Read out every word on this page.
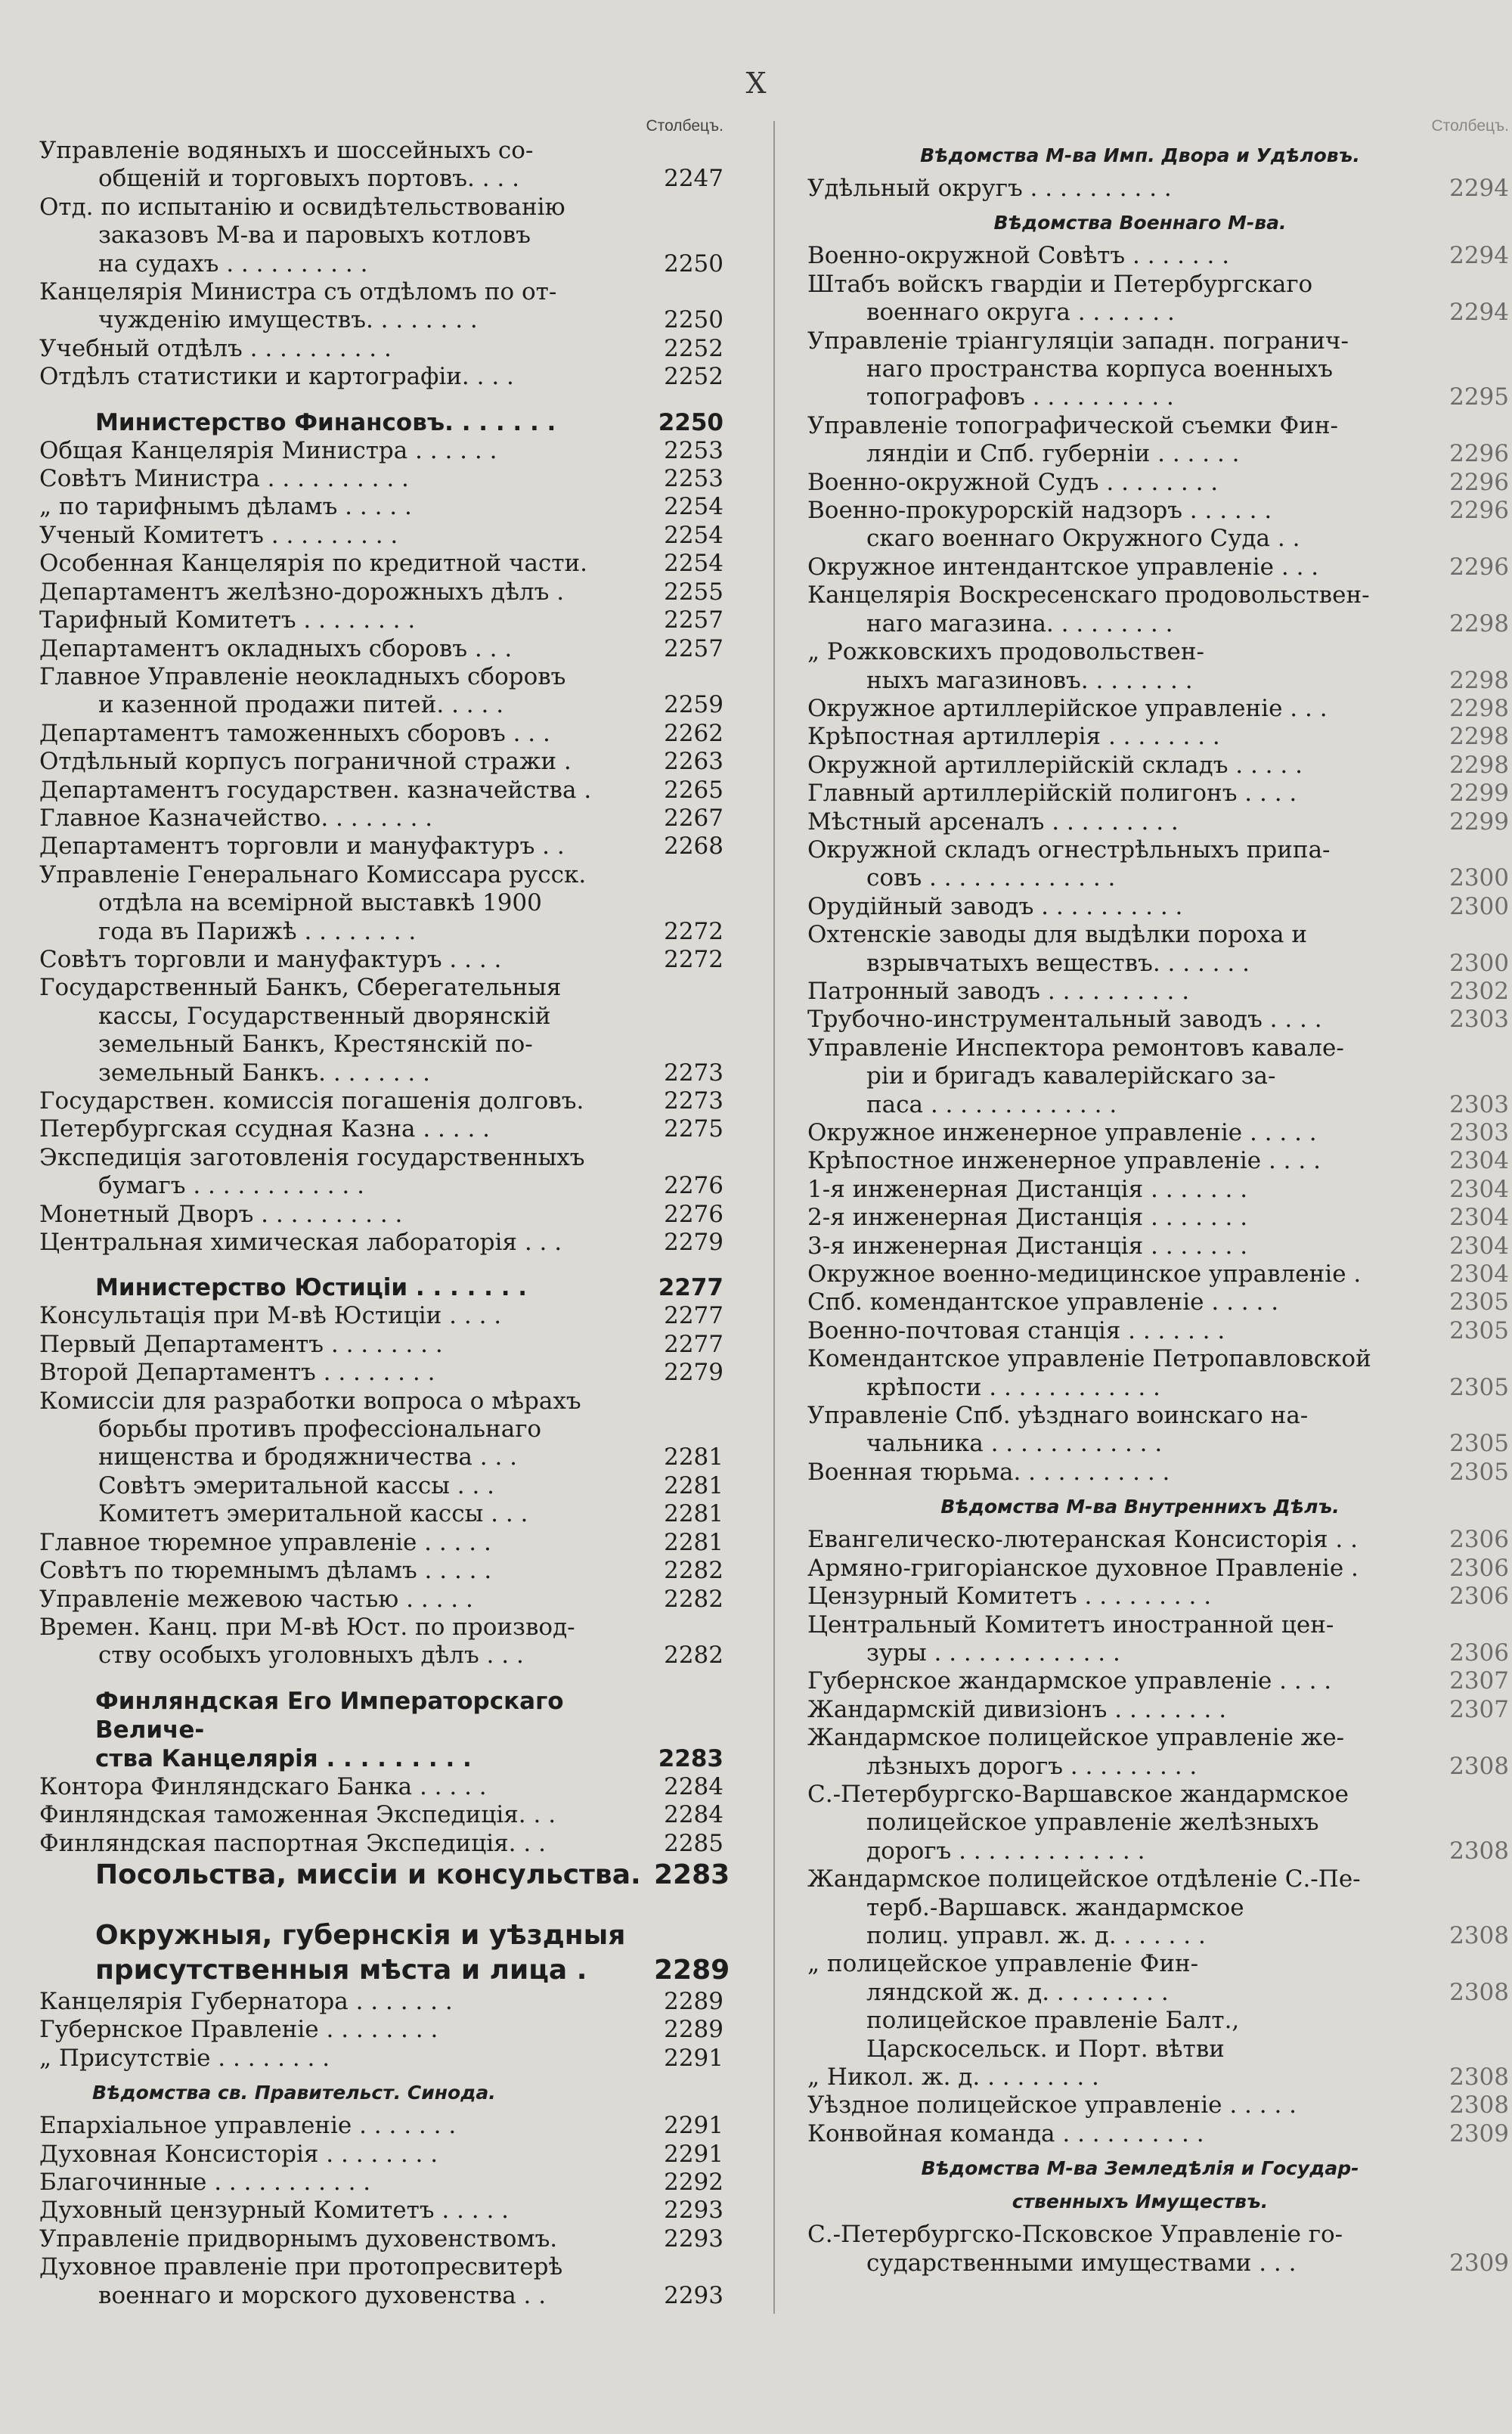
X
Столбецъ.
Управленіе водяныхъ и шоссейныхъ со-
общеній и торговыхъ портовъ. . . .	2247
Отд. по испытанію и освидѣтельствованію
заказовъ М-ва и паровыхъ котловъ
на судахъ . . . . . . . . . .	2250
Канцелярія Министра съ отдѣломъ по от-
чужденію имуществъ. . . . . . . .	2250
Учебный отдѣлъ . . . . . . . . . .	2252
Отдѣлъ статистики и картографіи. . . .	2252
Министерство Финансовъ. . . . . . .	2250
Общая Канцелярія Министра . . . . . .	2253
Совѣтъ Министра . . . . . . . . . .	2253
„ по тарифнымъ дѣламъ . . . . .	2254
Ученый Комитетъ . . . . . . . . .	2254
Особенная Канцелярія по кредитной части.	2254
Департаментъ желѣзно-дорожныхъ дѣлъ .	2255
Тарифный Комитетъ . . . . . . . .	2257
Департаментъ окладныхъ сборовъ . . .	2257
Главное Управленіе неокладныхъ сборовъ
и казенной продажи питей. . . . .	2259
Департаментъ таможенныхъ сборовъ . . .	2262
Отдѣльный корпусъ пограничной стражи .	2263
Департаментъ государствен. казначейства .	2265
Главное Казначейство. . . . . . . .	2267
Департаментъ торговли и мануфактуръ . .	2268
Управленіе Генеральнаго Комиссара русск.
отдѣла на всемірной выставкѣ 1900
года въ Парижѣ . . . . . . . .	2272
Совѣтъ торговли и мануфактуръ . . . .	2272
Государственный Банкъ, Сберегательныя
кассы, Государственный дворянскій
земельный Банкъ, Крестянскій по-
земельный Банкъ. . . . . . . .	2273
Государствен. комиссія погашенія долговъ.	2273
Петербургская ссудная Казна . . . . .	2275
Экспедиція заготовленія государственныхъ
бумагъ . . . . . . . . . . . .	2276
Монетный Дворъ . . . . . . . . . .	2276
Центральная химическая лабораторія . . .	2279
Министерство Юстиціи . . . . . . .	2277
Консультація при М-вѣ Юстиціи . . . .	2277
Первый Департаментъ . . . . . . . .	2277
Второй Департаментъ . . . . . . . .	2279
Комиссіи для разработки вопроса о мѣрахъ
борьбы противъ профессіональнаго
нищенства и бродяжничества . . .	2281
Совѣтъ эмеритальной кассы . . .	2281
Комитетъ эмеритальной кассы . . .	2281
Главное тюремное управленіе . . . . .	2281
Совѣтъ по тюремнымъ дѣламъ . . . . .	2282
Управленіе межевою частью . . . . .	2282
Времен. Канц. при М-вѣ Юст. по производ-
ству особыхъ уголовныхъ дѣлъ . . .	2282
Финляндская Его Императорскаго Величе-
ства Канцелярія . . . . . . . . .	2283
Контора Финляндскаго Банка . . . . .	2284
Финляндская таможенная Экспедиція. . .	2284
Финляндская паспортная Экспедиція. . .	2285
Посольства, миссіи и консульства. 2283
Окружныя, губернскія и уѣздныя
присутственныя мѣста и лица .	2289
Канцелярія Губернатора . . . . . . .	2289
Губернское Правленіе . . . . . . . .	2289
„ Присутствіе . . . . . . . .	2291
Вѣдомства св. Правительст. Синода.
Епархіальное управленіе . . . . . . .	2291
Духовная Консисторія . . . . . . . .	2291
Благочинные . . . . . . . . . . .	2292
Духовный цензурный Комитетъ . . . . .	2293
Управленіе придворнымъ духовенствомъ.	2293
Духовное правленіе при протопресвитерѣ
военнаго и морского духовенства . .	2293
Столбецъ.
Вѣдомства М-ва Имп. Двора и Удѣловъ.
Удѣльный округъ . . . . . . . . . .	2294
Вѣдомства Военнаго М-ва.
Военно-окружной Совѣтъ . . . . . . .	2294
Штабъ войскъ гвардіи и Петербургскаго
военнаго округа . . . . . . .	2294
Управленіе тріангуляціи западн. погранич-
наго пространства корпуса военныхъ
топографовъ . . . . . . . . . .	2295
Управленіе топографической съемки Фин-
ляндіи и Спб. губерніи . . . . . .	2296
Военно-окружной Судъ . . . . . . . .	2296
Военно-прокурорскій надзоръ . . . . . .	2296
скаго военнаго Окружного Суда . .
Окружное интендантское управленіе . . .	2296
Канцелярія Воскресенскаго продовольствен-
наго магазина. . . . . . . . .	2298
„ Рожковскихъ продовольствен-
ныхъ магазиновъ. . . . . . . .	2298
Окружное артиллерійское управленіе . . .	2298
Крѣпостная артиллерія . . . . . . . .	2298
Окружной артиллерійскій складъ . . . . .	2298
Главный артиллерійскій полигонъ . . . .	2299
Мѣстный арсеналъ . . . . . . . . .	2299
Окружной складъ огнестрѣльныхъ припа-
совъ . . . . . . . . . . . . .	2300
Орудійный заводъ . . . . . . . . . .	2300
Охтенскіе заводы для выдѣлки пороха и
взрывчатыхъ веществъ. . . . . . .	2300
Патронный заводъ . . . . . . . . . .	2302
Трубочно-инструментальный заводъ . . . .	2303
Управленіе Инспектора ремонтовъ кавале-
ріи и бригадъ кавалерійскаго за-
паса . . . . . . . . . . . . .	2303
Окружное инженерное управленіе . . . . .	2303
Крѣпостное инженерное управленіе . . . .	2304
1-я инженерная Дистанція . . . . . . .	2304
2-я инженерная Дистанція . . . . . . .	2304
3-я инженерная Дистанція . . . . . . .	2304
Окружное военно-медицинское управленіе .	2304
Спб. комендантское управленіе . . . . .	2305
Военно-почтовая станція . . . . . . .	2305
Комендантское управленіе Петропавловской
крѣпости . . . . . . . . . . . .	2305
Управленіе Спб. уѣзднаго воинскаго на-
чальника . . . . . . . . . . . .	2305
Военная тюрьма. . . . . . . . . . .	2305
Вѣдомства М-ва Внутреннихъ Дѣлъ.
Евангелическо-лютеранская Консисторія . .	2306
Армяно-григоріанское духовное Правленіе .	2306
Цензурный Комитетъ . . . . . . . . .	2306
Центральный Комитетъ иностранной цен-
зуры . . . . . . . . . . . . .	2306
Губернское жандармское управленіе . . . .	2307
Жандармскій дивизіонъ . . . . . . . .	2307
Жандармское полицейское управленіе же-
лѣзныхъ дорогъ . . . . . . . . .	2308
С.-Петербургско-Варшавское жандармское
полицейское управленіе желѣзныхъ
дорогъ . . . . . . . . . . . . .	2308
Жандармское полицейское отдѣленіе С.-Пе-
терб.-Варшавск. жандармское
полиц. управл. ж. д. . . . . . .	2308
„ полицейское управленіе Фин-
ляндской ж. д. . . . . . . . .	2308
полицейское правленіе Балт.,
Царскосельск. и Порт. вѣтви
„ Никол. ж. д. . . . . . . . .	2308
Уѣздное полицейское управленіе . . . . .	2308
Конвойная команда . . . . . . . . . .	2309
Вѣдомства М-ва Земледѣлія и Государ-
ственныхъ Имуществъ.
С.-Петербургско-Псковское Управленіе го-
сударственными имуществами . . .	2309
